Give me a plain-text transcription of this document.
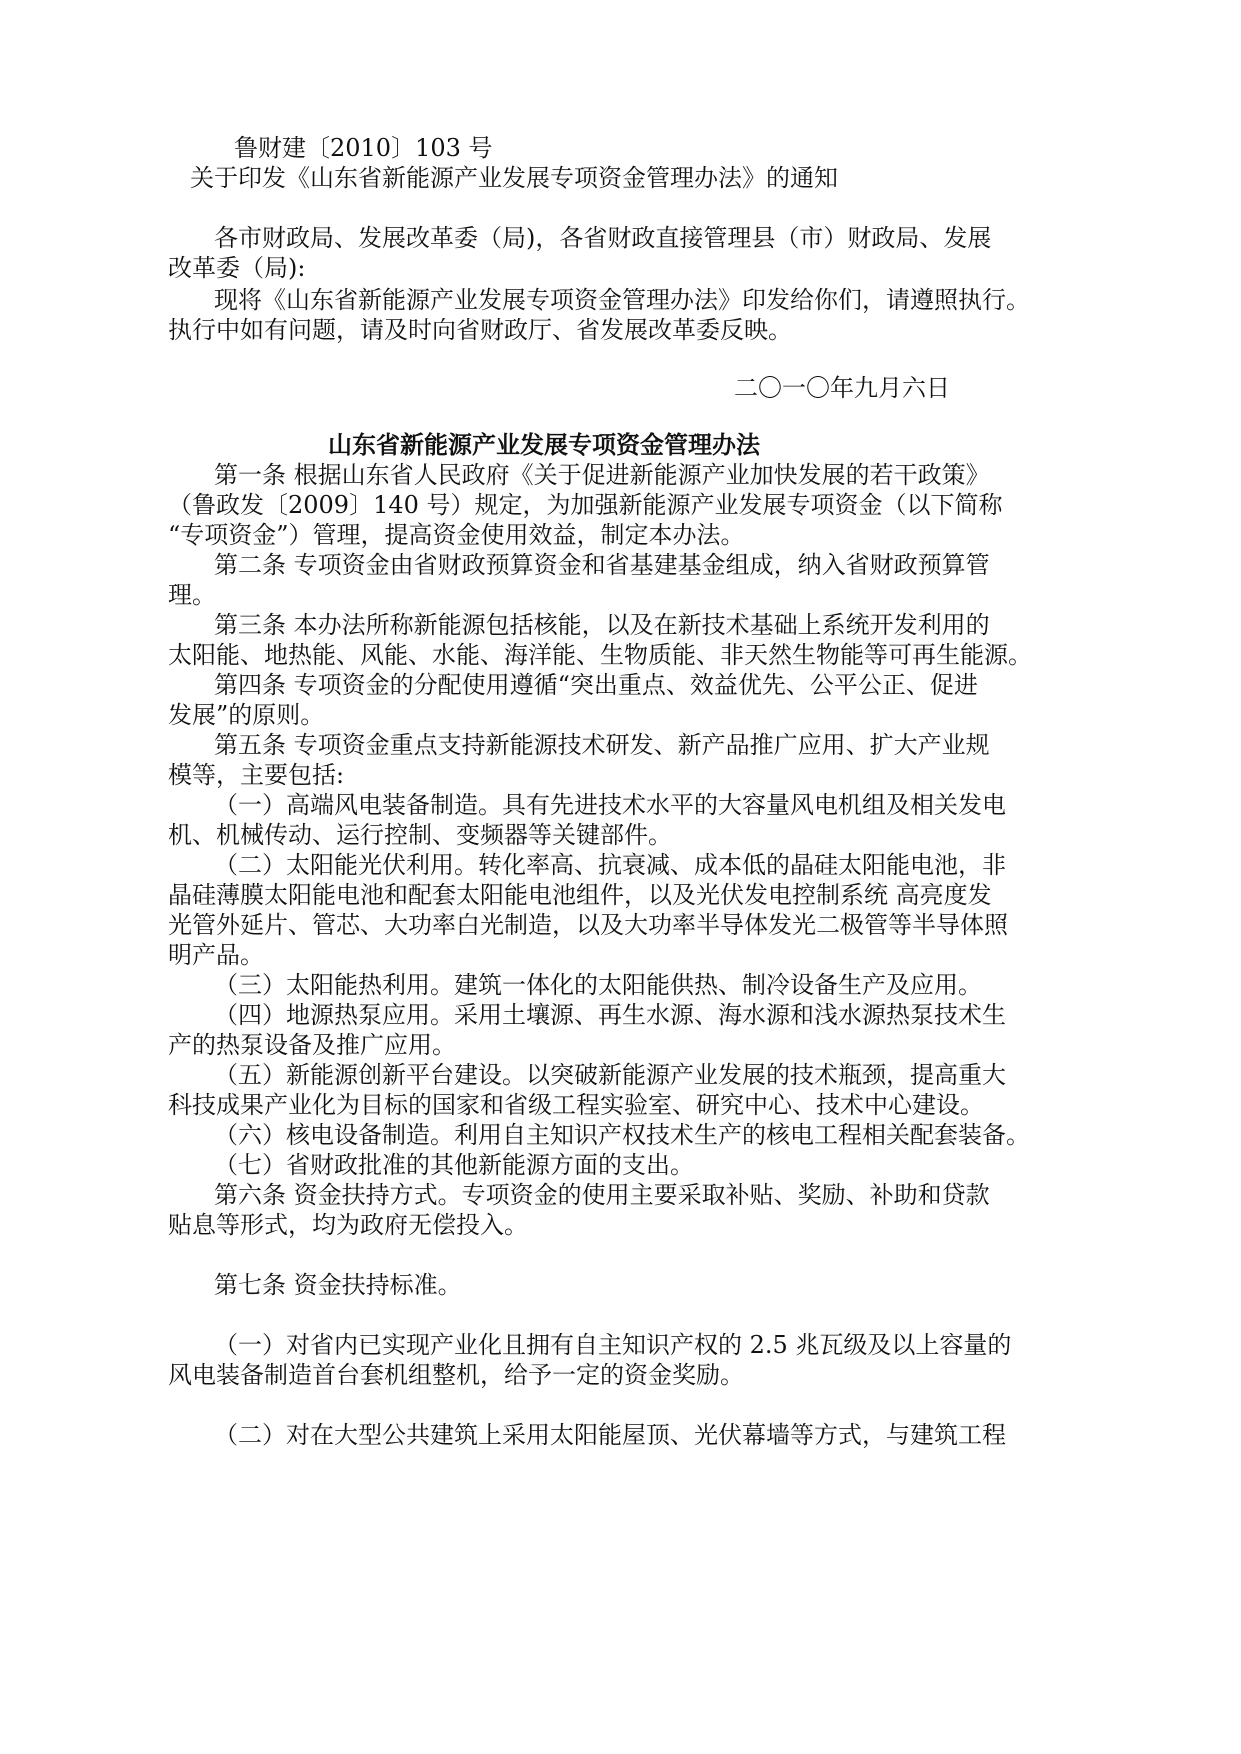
鲁财建〔2010〕103 号

关于印发《山东省新能源产业发展专项资金管理办法》的通知

各市财政局、发展改革委（局)，各省财政直接管理县（市）财政局、发展

改革委（局):

现将《山东省新能源产业发展专项资金管理办法》印发给你们，请遵照执行。

执行中如有问题，请及时向省财政厅、省发展改革委反映。

二〇一〇年九月六日

山东省新能源产业发展专项资金管理办法

第一条 根据山东省人民政府《关于促进新能源产业加快发展的若干政策》

（鲁政发〔2009〕140 号）规定，为加强新能源产业发展专项资金（以下简称

“专项资金”）管理，提高资金使用效益，制定本办法。

第二条 专项资金由省财政预算资金和省基建基金组成，纳入省财政预算管

理。

第三条 本办法所称新能源包括核能，以及在新技术基础上系统开发利用的

太阳能、地热能、风能、水能、海洋能、生物质能、非天然生物能等可再生能源。

第四条 专项资金的分配使用遵循“突出重点、效益优先、公平公正、促进

发展”的原则。

第五条 专项资金重点支持新能源技术研发、新产品推广应用、扩大产业规

模等，主要包括:

（一）高端风电装备制造。具有先进技术水平的大容量风电机组及相关发电

机、机械传动、运行控制、变频器等关键部件。

（二）太阳能光伏利用。转化率高、抗衰减、成本低的晶硅太阳能电池，非

晶硅薄膜太阳能电池和配套太阳能电池组件，以及光伏发电控制系统 高亮度发

光管外延片、管芯、大功率白光制造，以及大功率半导体发光二极管等半导体照

明产品。

（三）太阳能热利用。建筑一体化的太阳能供热、制冷设备生产及应用。

（四）地源热泵应用。采用土壤源、再生水源、海水源和浅水源热泵技术生

产的热泵设备及推广应用。

（五）新能源创新平台建设。以突破新能源产业发展的技术瓶颈，提高重大

科技成果产业化为目标的国家和省级工程实验室、研究中心、技术中心建设。

（六）核电设备制造。利用自主知识产权技术生产的核电工程相关配套装备。

（七）省财政批准的其他新能源方面的支出。

第六条 资金扶持方式。专项资金的使用主要采取补贴、奖励、补助和贷款

贴息等形式，均为政府无偿投入。

第七条 资金扶持标准。

（一）对省内已实现产业化且拥有自主知识产权的 2.5 兆瓦级及以上容量的

风电装备制造首台套机组整机，给予一定的资金奖励。

（二）对在大型公共建筑上采用太阳能屋顶、光伏幕墙等方式，与建筑工程
